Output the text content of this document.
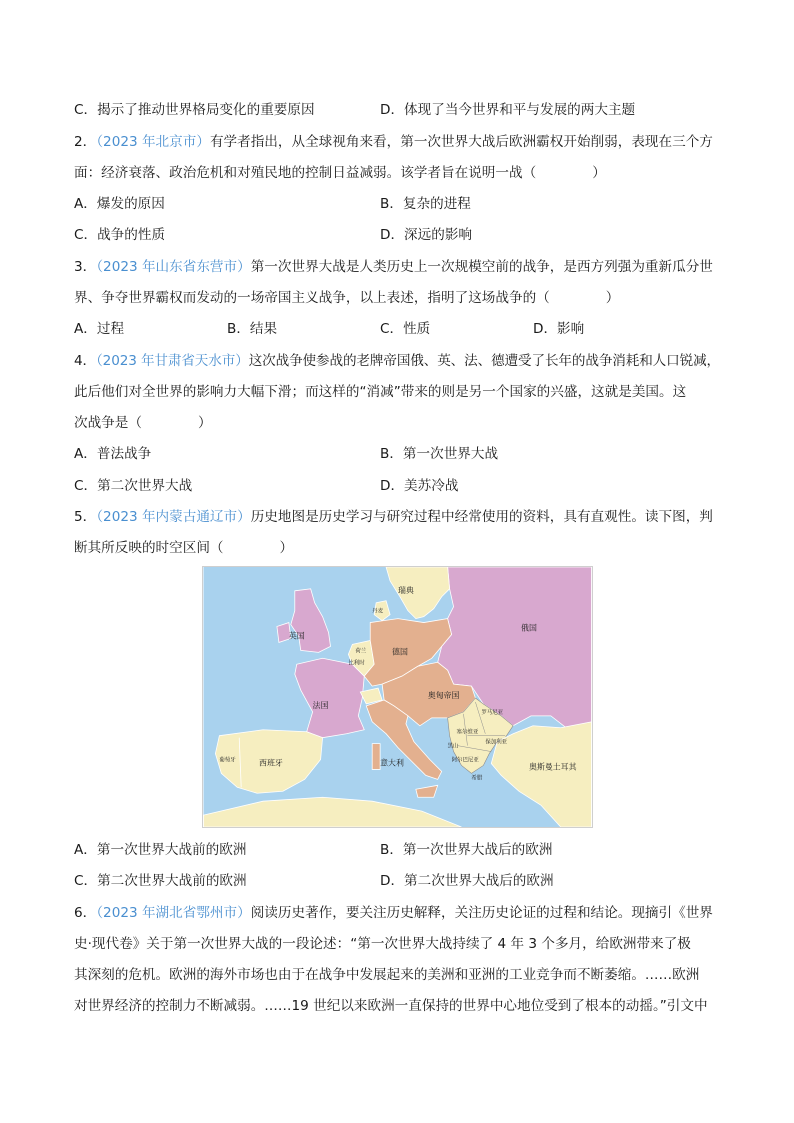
C．揭示了推动世界格局变化的重要原因	D．体现了当今世界和平与发展的两大主题
2．（2023 年北京市）有学者指出，从全球视角来看，第一次世界大战后欧洲霸权开始削弱，表现在三个方
面：经济衰落、政治危机和对殖民地的控制日益减弱。该学者旨在说明一战（	）
A．爆发的原因	B．复杂的进程
C．战争的性质	D．深远的影响
3．（2023 年山东省东营市）第一次世界大战是人类历史上一次规模空前的战争，是西方列强为重新瓜分世
界、争夺世界霸权而发动的一场帝国主义战争，以上表述，指明了这场战争的（	）
A．过程	B．结果	C．性质	D．影响
4．（2023 年甘肃省天水市）这次战争使参战的老牌帝国俄、英、法、德遭受了长年的战争消耗和人口锐减，
此后他们对全世界的影响力大幅下滑；而这样的“消减”带来的则是另一个国家的兴盛，这就是美国。这
次战争是（	）
A．普法战争	B．第一次世界大战
C．第二次世界大战	D．美苏冷战
5．（2023 年内蒙古通辽市）历史地图是历史学习与研究过程中经常使用的资料，具有直观性。读下图，判
断其所反映的时空区间（	）
瑞典
丹麦
英国
俄国
荷兰
比利时
德国
奥匈帝国
法国
罗马尼亚
塞尔维亚
保加利亚
黑山
阿尔巴尼亚
希腊
意大利
葡萄牙	西班牙	奥斯曼土耳其
A．第一次世界大战前的欧洲	B．第一次世界大战后的欧洲
C．第二次世界大战前的欧洲	D．第二次世界大战后的欧洲
6．（2023 年湖北省鄂州市）阅读历史著作，要关注历史解释，关注历史论证的过程和结论。现摘引《世界
史·现代卷》关于第一次世界大战的一段论述：“第一次世界大战持续了 4 年 3 个多月，给欧洲带来了极
其深刻的危机。欧洲的海外市场也由于在战争中发展起来的美洲和亚洲的工业竞争而不断萎缩。……欧洲
对世界经济的控制力不断减弱。……19 世纪以来欧洲一直保持的世界中心地位受到了根本的动摇。”引文中
